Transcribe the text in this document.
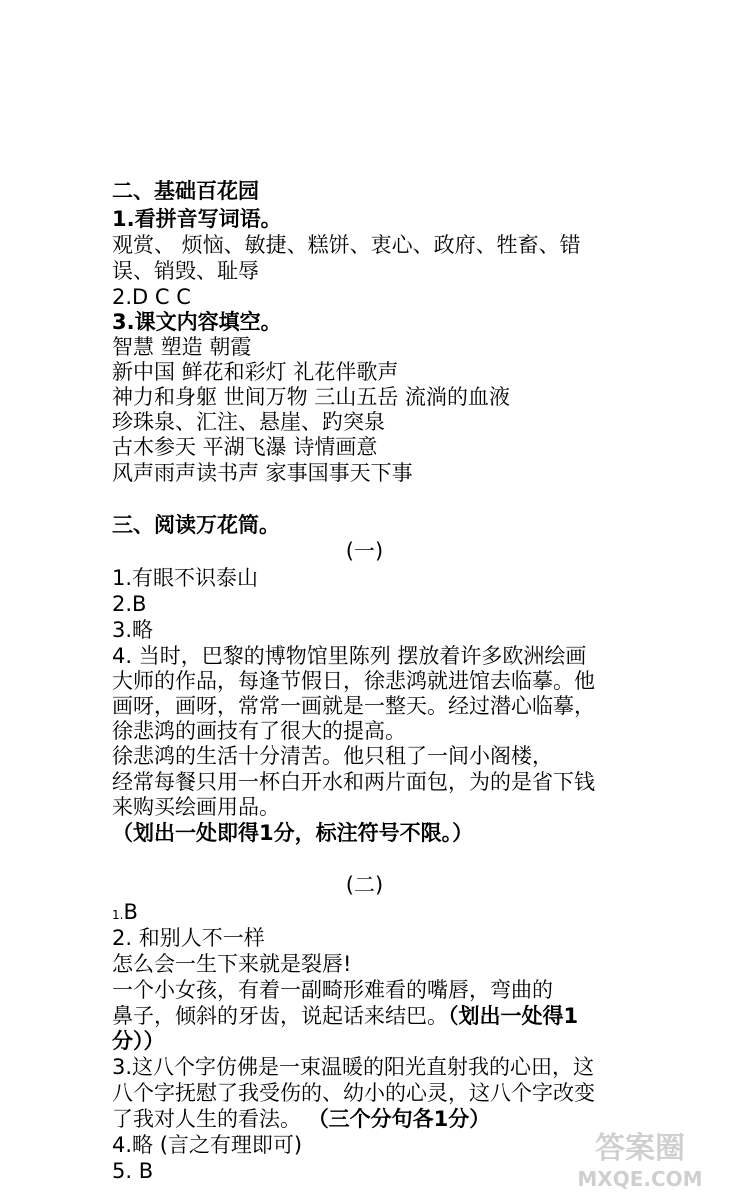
二、基础百花园
1.看拼音写词语。
观赏、 烦恼、敏捷、糕饼、衷心、政府、牲畜、错
误、销毁、耻辱
2.D C C
3.课文内容填空。
智慧 塑造 朝霞
新中国 鲜花和彩灯 礼花伴歌声
神力和身躯 世间万物 三山五岳 流淌的血液
珍珠泉、汇注、悬崖、趵突泉
古木参天 平湖飞瀑 诗情画意
风声雨声读书声 家事国事天下事
三、阅读万花筒。
(一)
1.有眼不识泰山
2.B
3.略
4. 当时，巴黎的博物馆里陈列 摆放着许多欧洲绘画
大师的作品，每逢节假日，徐悲鸿就进馆去临摹。他
画呀，画呀，常常一画就是一整天。经过潜心临摹，
徐悲鸿的画技有了很大的提高。
徐悲鸿的生活十分清苦。他只租了一间小阁楼，
经常每餐只用一杯白开水和两片面包，为的是省下钱
来购买绘画用品。
（划出一处即得1分，标注符号不限。）
(二)
1.B
2. 和别人不一样
怎么会一生下来就是裂唇!
一个小女孩，有着一副畸形难看的嘴唇，弯曲的
鼻子，倾斜的牙齿，说起话来结巴。（划出一处得1
分））
3.这八个字仿佛是一束温暖的阳光直射我的心田，这
八个字抚慰了我受伤的、幼小的心灵，这八个字改变
了我对人生的看法。 （三个分句各1分）
4.略 (言之有理即可)
5. B
答案圈
MXQE.COM
